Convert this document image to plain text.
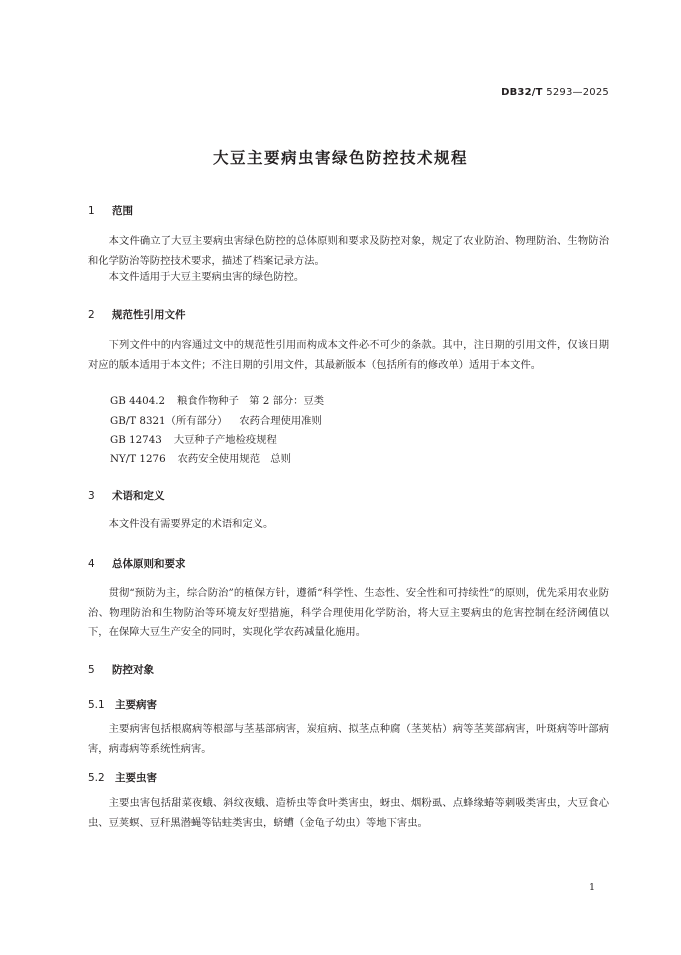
DB32/T 5293—2025
大豆主要病虫害绿色防控技术规程
1 范围

本文件确立了大豆主要病虫害绿色防控的总体原则和要求及防控对象，规定了农业防治、物理防治、生物防治和化学防治等防控技术要求，描述了档案记录方法。

本文件适用于大豆主要病虫害的绿色防控。

2 规范性引用文件

下列文件中的内容通过文中的规范性引用而构成本文件必不可少的条款。其中，注日期的引用文件，仅该日期对应的版本适用于本文件；不注日期的引用文件，其最新版本（包括所有的修改单）适用于本文件。

GB 4404.2 粮食作物种子　第 2 部分：豆类
GB/T 8321（所有部分） 农药合理使用准则
GB 12743 大豆种子产地检疫规程
NY/T 1276 农药安全使用规范　总则
3 术语和定义

本文件没有需要界定的术语和定义。

4 总体原则和要求

贯彻“预防为主，综合防治”的植保方针，遵循“科学性、生态性、安全性和可持续性”的原则，优先采用农业防治、物理防治和生物防治等环境友好型措施，科学合理使用化学防治，将大豆主要病虫的危害控制在经济阈值以下，在保障大豆生产安全的同时，实现化学农药减量化施用。

5 防控对象
5.1 主要病害

主要病害包括根腐病等根部与茎基部病害，炭疽病、拟茎点种腐（茎荚枯）病等茎荚部病害，叶斑病等叶部病害，病毒病等系统性病害。

5.2 主要虫害

主要虫害包括甜菜夜蛾、斜纹夜蛾、造桥虫等食叶类害虫，蚜虫、烟粉虱、点蜂缘蝽等刺吸类害虫，大豆食心虫、豆荚螟、豆秆黑潜蝇等钻蛀类害虫，蛴螬（金龟子幼虫）等地下害虫。

1
